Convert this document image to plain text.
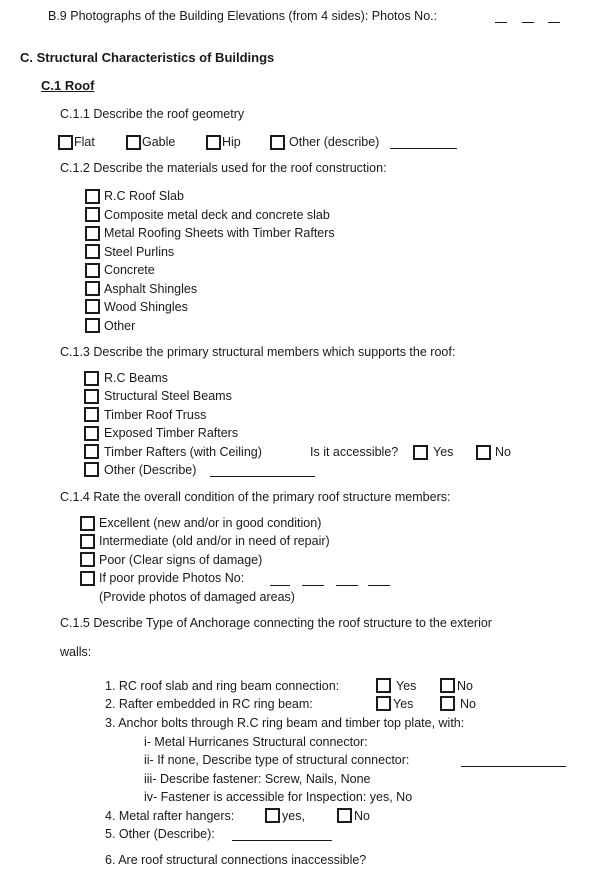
B.9 Photographs of the Building Elevations (from 4 sides): Photos No.:
C. Structural Characteristics of Buildings
C.1 Roof
C.1.1 Describe the roof geometry
Flat	Gable	Hip	Other (describe)
C.1.2 Describe the materials used for the roof construction:
R.C Roof Slab
Composite metal deck and concrete slab
Metal Roofing Sheets with Timber Rafters
Steel Purlins
Concrete
Asphalt Shingles
Wood Shingles
Other
C.1.3 Describe the primary structural members which supports the roof:
R.C Beams
Structural Steel Beams
Timber Roof Truss
Exposed Timber Rafters
Timber Rafters (with Ceiling)	Is it accessible?	Yes	No
Other (Describe)
C.1.4 Rate the overall condition of the primary roof structure members:
Excellent (new and/or in good condition)
Intermediate (old and/or in need of repair)
Poor (Clear signs of damage)
If poor provide Photos No:
(Provide photos of damaged areas)
C.1.5 Describe Type of Anchorage connecting the roof structure to the exterior
walls:
1. RC roof slab and ring beam connection:	Yes	No
2. Rafter embedded in RC ring beam:	Yes	No
3. Anchor bolts through R.C ring beam and timber top plate, with:
i- Metal Hurricanes Structural connector:
ii- If none, Describe type of structural connector:
iii- Describe fastener: Screw, Nails, None
iv- Fastener is accessible for Inspection: yes, No
4. Metal rafter hangers:	yes,	No
5. Other (Describe):
6. Are roof structural connections inaccessible?
